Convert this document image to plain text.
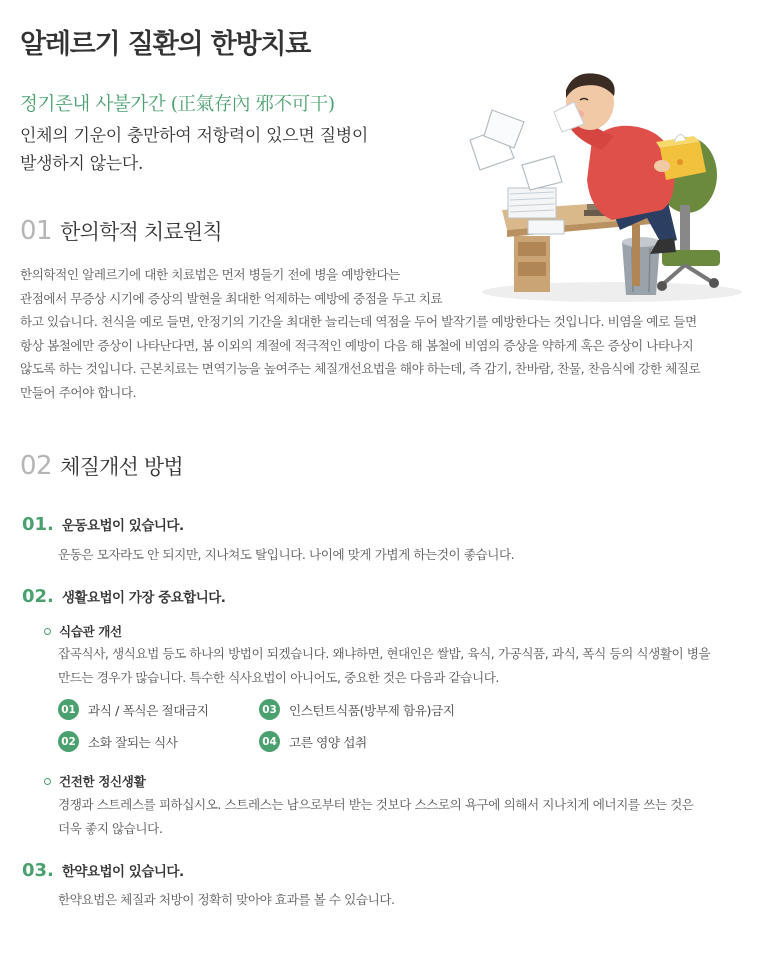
알레르기 질환의 한방치료

정기존내 사불가간 (正氣存內 邪不可干)

인체의 기운이 충만하여 저항력이 있으면 질병이

발생하지 않는다.

01 한의학적 치료원칙
한의학적인 알레르기에 대한 치료법은 먼저 병들기 전에 병을 예방한다는
관점에서 무증상 시기에 증상의 발현을 최대한 억제하는 예방에 중점을 두고 치료
하고 있습니다. 천식을 예로 들면, 안정기의 기간을 최대한 늘리는데 역점을 두어 발작기를 예방한다는 것입니다. 비염을 예로 들면
항상 봄철에만 증상이 나타난다면, 봄 이외의 계절에 적극적인 예방이 다음 해 봄철에 비염의 증상을 약하게 혹은 증상이 나타나지
않도록 하는 것입니다. 근본치료는 면역기능을 높여주는 체질개선요법을 해야 하는데, 즉 감기, 찬바람, 찬물, 찬음식에 강한 체질로
만들어 주어야 합니다.
02 체질개선 방법
01. 운동요법이 있습니다.

운동은 모자라도 안 되지만, 지나쳐도 탈입니다. 나이에 맞게 가볍게 하는것이 좋습니다.

02. 생활요법이 가장 중요합니다.
식습관 개선
잡곡식사, 생식요법 등도 하나의 방법이 되겠습니다. 왜냐하면, 현대인은 쌀밥, 육식, 가공식품, 과식, 폭식 등의 식생활이 병을
만드는 경우가 많습니다. 특수한 식사요법이 아니어도, 중요한 것은 다음과 같습니다.
01 과식 / 폭식은 절대금지	03 인스턴트식품(방부제 함유)금지
02 소화 잘되는 식사	04 고른 영양 섭취
건전한 정신생활
경쟁과 스트레스를 피하십시오. 스트레스는 남으로부터 받는 것보다 스스로의 욕구에 의해서 지나치게 에너지를 쓰는 것은
더욱 좋지 않습니다.
03. 한약요법이 있습니다.

한약요법은 체질과 처방이 정확히 맞아야 효과를 볼 수 있습니다.
